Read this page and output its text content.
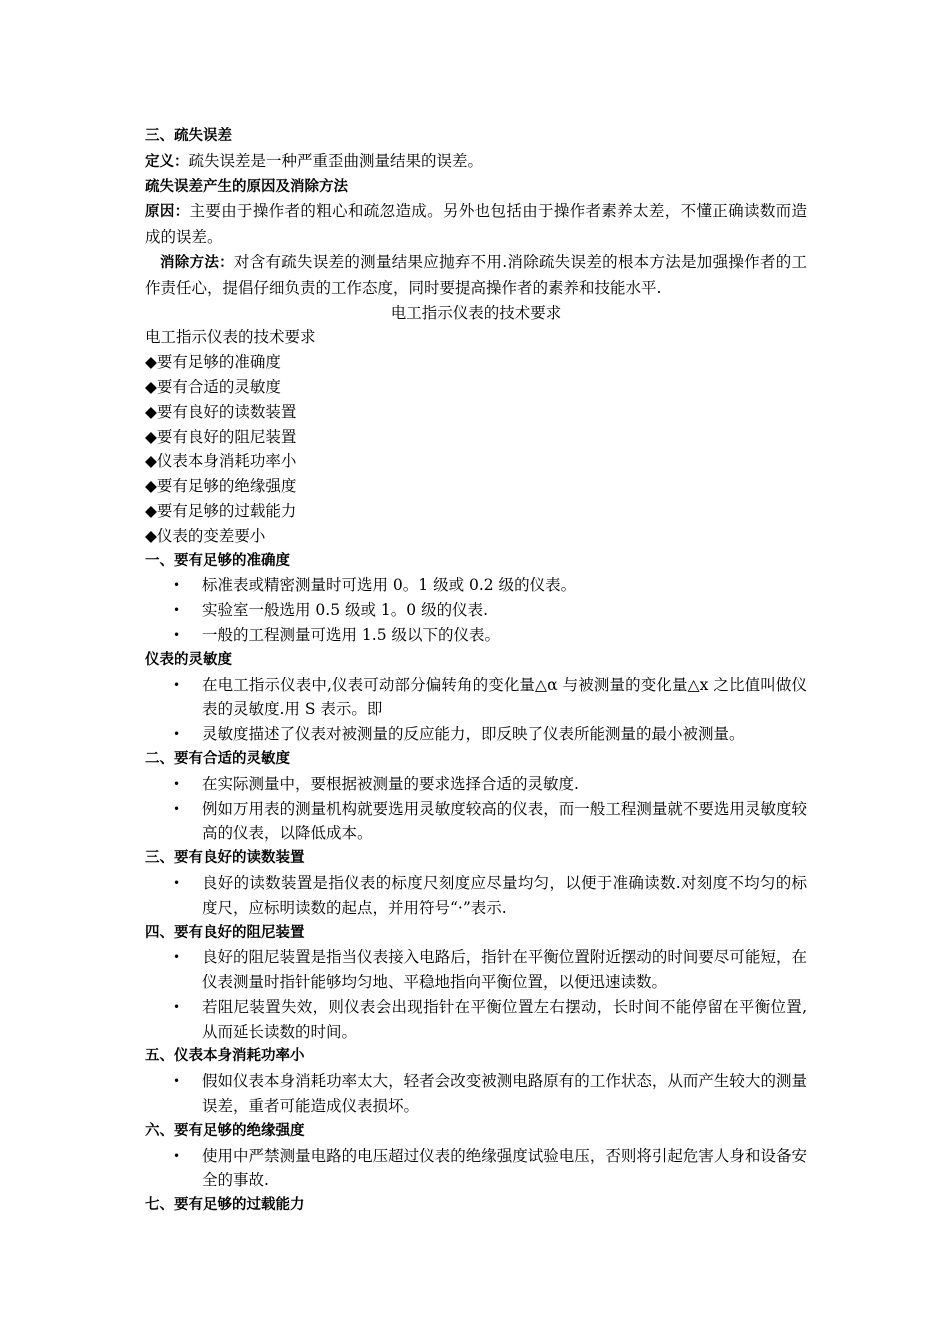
三、疏失误差

定义：疏失误差是一种严重歪曲测量结果的误差。

疏失误差产生的原因及消除方法

原因：主要由于操作者的粗心和疏忽造成。另外也包括由于操作者素养太差，不懂正确读数而造成的误差。

消除方法：对含有疏失误差的测量结果应抛弃不用.消除疏失误差的根本方法是加强操作者的工作责任心，提倡仔细负责的工作态度，同时要提高操作者的素养和技能水平.

电工指示仪表的技术要求

电工指示仪表的技术要求

◆要有足够的准确度

◆要有合适的灵敏度

◆要有良好的读数装置

◆要有良好的阻尼装置

◆仪表本身消耗功率小

◆要有足够的绝缘强度

◆要有足够的过载能力

◆仪表的变差要小

一、要有足够的准确度

• 标准表或精密测量时可选用 0。1 级或 0.2 级的仪表。
• 实验室一般选用 0.5 级或 1。0 级的仪表.
• 一般的工程测量可选用 1.5 级以下的仪表。

仪表的灵敏度

• 在电工指示仪表中,仪表可动部分偏转角的变化量△α 与被测量的变化量△x 之比值叫做仪表的灵敏度.用 S 表示。即
• 灵敏度描述了仪表对被测量的反应能力，即反映了仪表所能测量的最小被测量。

二、要有合适的灵敏度

• 在实际测量中，要根据被测量的要求选择合适的灵敏度.
• 例如万用表的测量机构就要选用灵敏度较高的仪表，而一般工程测量就不要选用灵敏度较高的仪表，以降低成本。

三、要有良好的读数装置

• 良好的读数装置是指仪表的标度尺刻度应尽量均匀，以便于准确读数.对刻度不均匀的标度尺，应标明读数的起点，并用符号“·”表示.

四、要有良好的阻尼装置

• 良好的阻尼装置是指当仪表接入电路后，指针在平衡位置附近摆动的时间要尽可能短，在仪表测量时指针能够均匀地、平稳地指向平衡位置，以便迅速读数。
• 若阻尼装置失效，则仪表会出现指针在平衡位置左右摆动，长时间不能停留在平衡位置,从而延长读数的时间。

五、仪表本身消耗功率小

• 假如仪表本身消耗功率太大，轻者会改变被测电路原有的工作状态，从而产生较大的测量误差，重者可能造成仪表损坏。

六、要有足够的绝缘强度

• 使用中严禁测量电路的电压超过仪表的绝缘强度试验电压，否则将引起危害人身和设备安全的事故.

七、要有足够的过载能力
